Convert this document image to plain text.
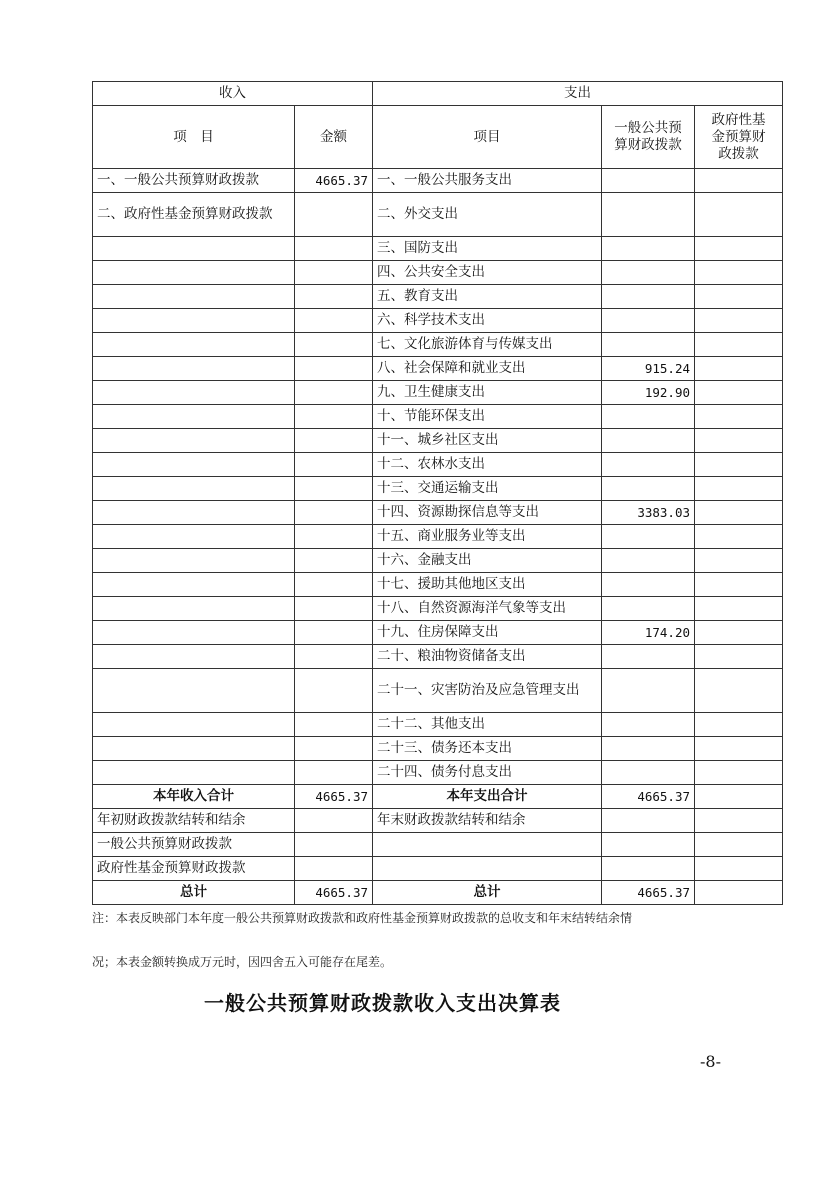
收入		支出		
项　目	金额	项目	一般公共预算财政拨款	政府性基金预算财政拨款
一、一般公共预算财政拨款	4665.37	一、一般公共服务支出		
二、政府性基金预算财政拨款		二、外交支出		
		三、国防支出		
		四、公共安全支出		
		五、教育支出		
		六、科学技术支出		
		七、文化旅游体育与传媒支出		
		八、社会保障和就业支出	915.24	
		九、卫生健康支出	192.90	
		十、节能环保支出		
		十一、城乡社区支出		
		十二、农林水支出		
		十三、交通运输支出		
		十四、资源勘探信息等支出	3383.03	
		十五、商业服务业等支出		
		十六、金融支出		
		十七、援助其他地区支出		
		十八、自然资源海洋气象等支出		
		十九、住房保障支出	174.20	
		二十、粮油物资储备支出		
		二十一、灾害防治及应急管理支出		
		二十二、其他支出		
		二十三、债务还本支出		
		二十四、债务付息支出		
本年收入合计	4665.37	本年支出合计	4665.37	
年初财政拨款结转和结余		年末财政拨款结转和结余		
一般公共预算财政拨款				
政府性基金预算财政拨款				
总计	4665.37	总计	4665.37	
注：本表反映部门本年度一般公共预算财政拨款和政府性基金预算财政拨款的总收支和年末结转结余情
况；本表金额转换成万元时，因四舍五入可能存在尾差。
一般公共预算财政拨款收入支出决算表
-8-
